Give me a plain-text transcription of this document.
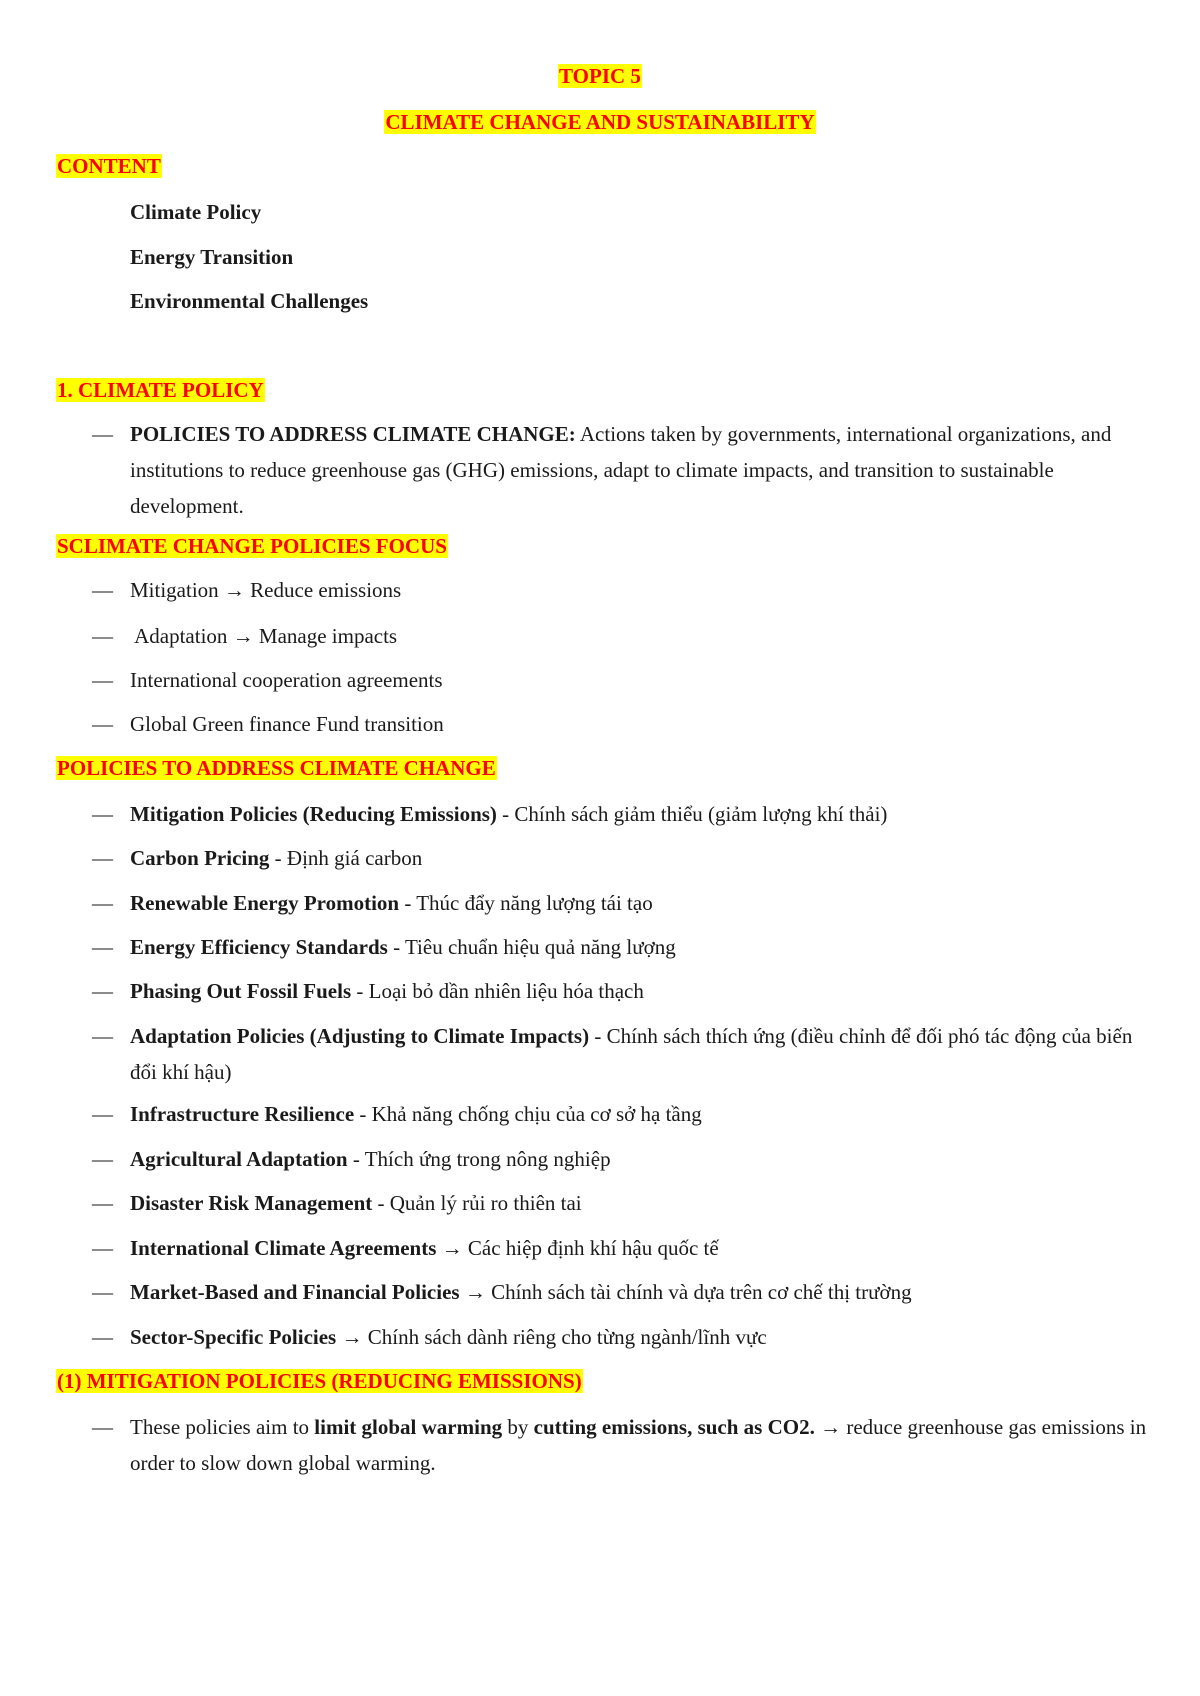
TOPIC 5
CLIMATE CHANGE AND SUSTAINABILITY
CONTENT
Climate Policy
Energy Transition
Environmental Challenges
1. CLIMATE POLICY
— POLICIES TO ADDRESS CLIMATE CHANGE: Actions taken by governments, international organizations, and institutions to reduce greenhouse gas (GHG) emissions, adapt to climate impacts, and transition to sustainable development.
SCLIMATE CHANGE POLICIES FOCUS
— Mitigation → Reduce emissions
— Adaptation → Manage impacts
— International cooperation agreements
— Global Green finance Fund transition
POLICIES TO ADDRESS CLIMATE CHANGE
— Mitigation Policies (Reducing Emissions) - Chính sách giảm thiểu (giảm lượng khí thải)
— Carbon Pricing - Định giá carbon
— Renewable Energy Promotion - Thúc đẩy năng lượng tái tạo
— Energy Efficiency Standards - Tiêu chuẩn hiệu quả năng lượng
— Phasing Out Fossil Fuels - Loại bỏ dần nhiên liệu hóa thạch
— Adaptation Policies (Adjusting to Climate Impacts) - Chính sách thích ứng (điều chỉnh để đối phó tác động của biến đổi khí hậu)
— Infrastructure Resilience - Khả năng chống chịu của cơ sở hạ tầng
— Agricultural Adaptation - Thích ứng trong nông nghiệp
— Disaster Risk Management - Quản lý rủi ro thiên tai
— International Climate Agreements → Các hiệp định khí hậu quốc tế
— Market-Based and Financial Policies → Chính sách tài chính và dựa trên cơ chế thị trường
— Sector-Specific Policies → Chính sách dành riêng cho từng ngành/lĩnh vực
(1) MITIGATION POLICIES (REDUCING EMISSIONS)
— These policies aim to limit global warming by cutting emissions, such as CO2. → reduce greenhouse gas emissions in order to slow down global warming.
